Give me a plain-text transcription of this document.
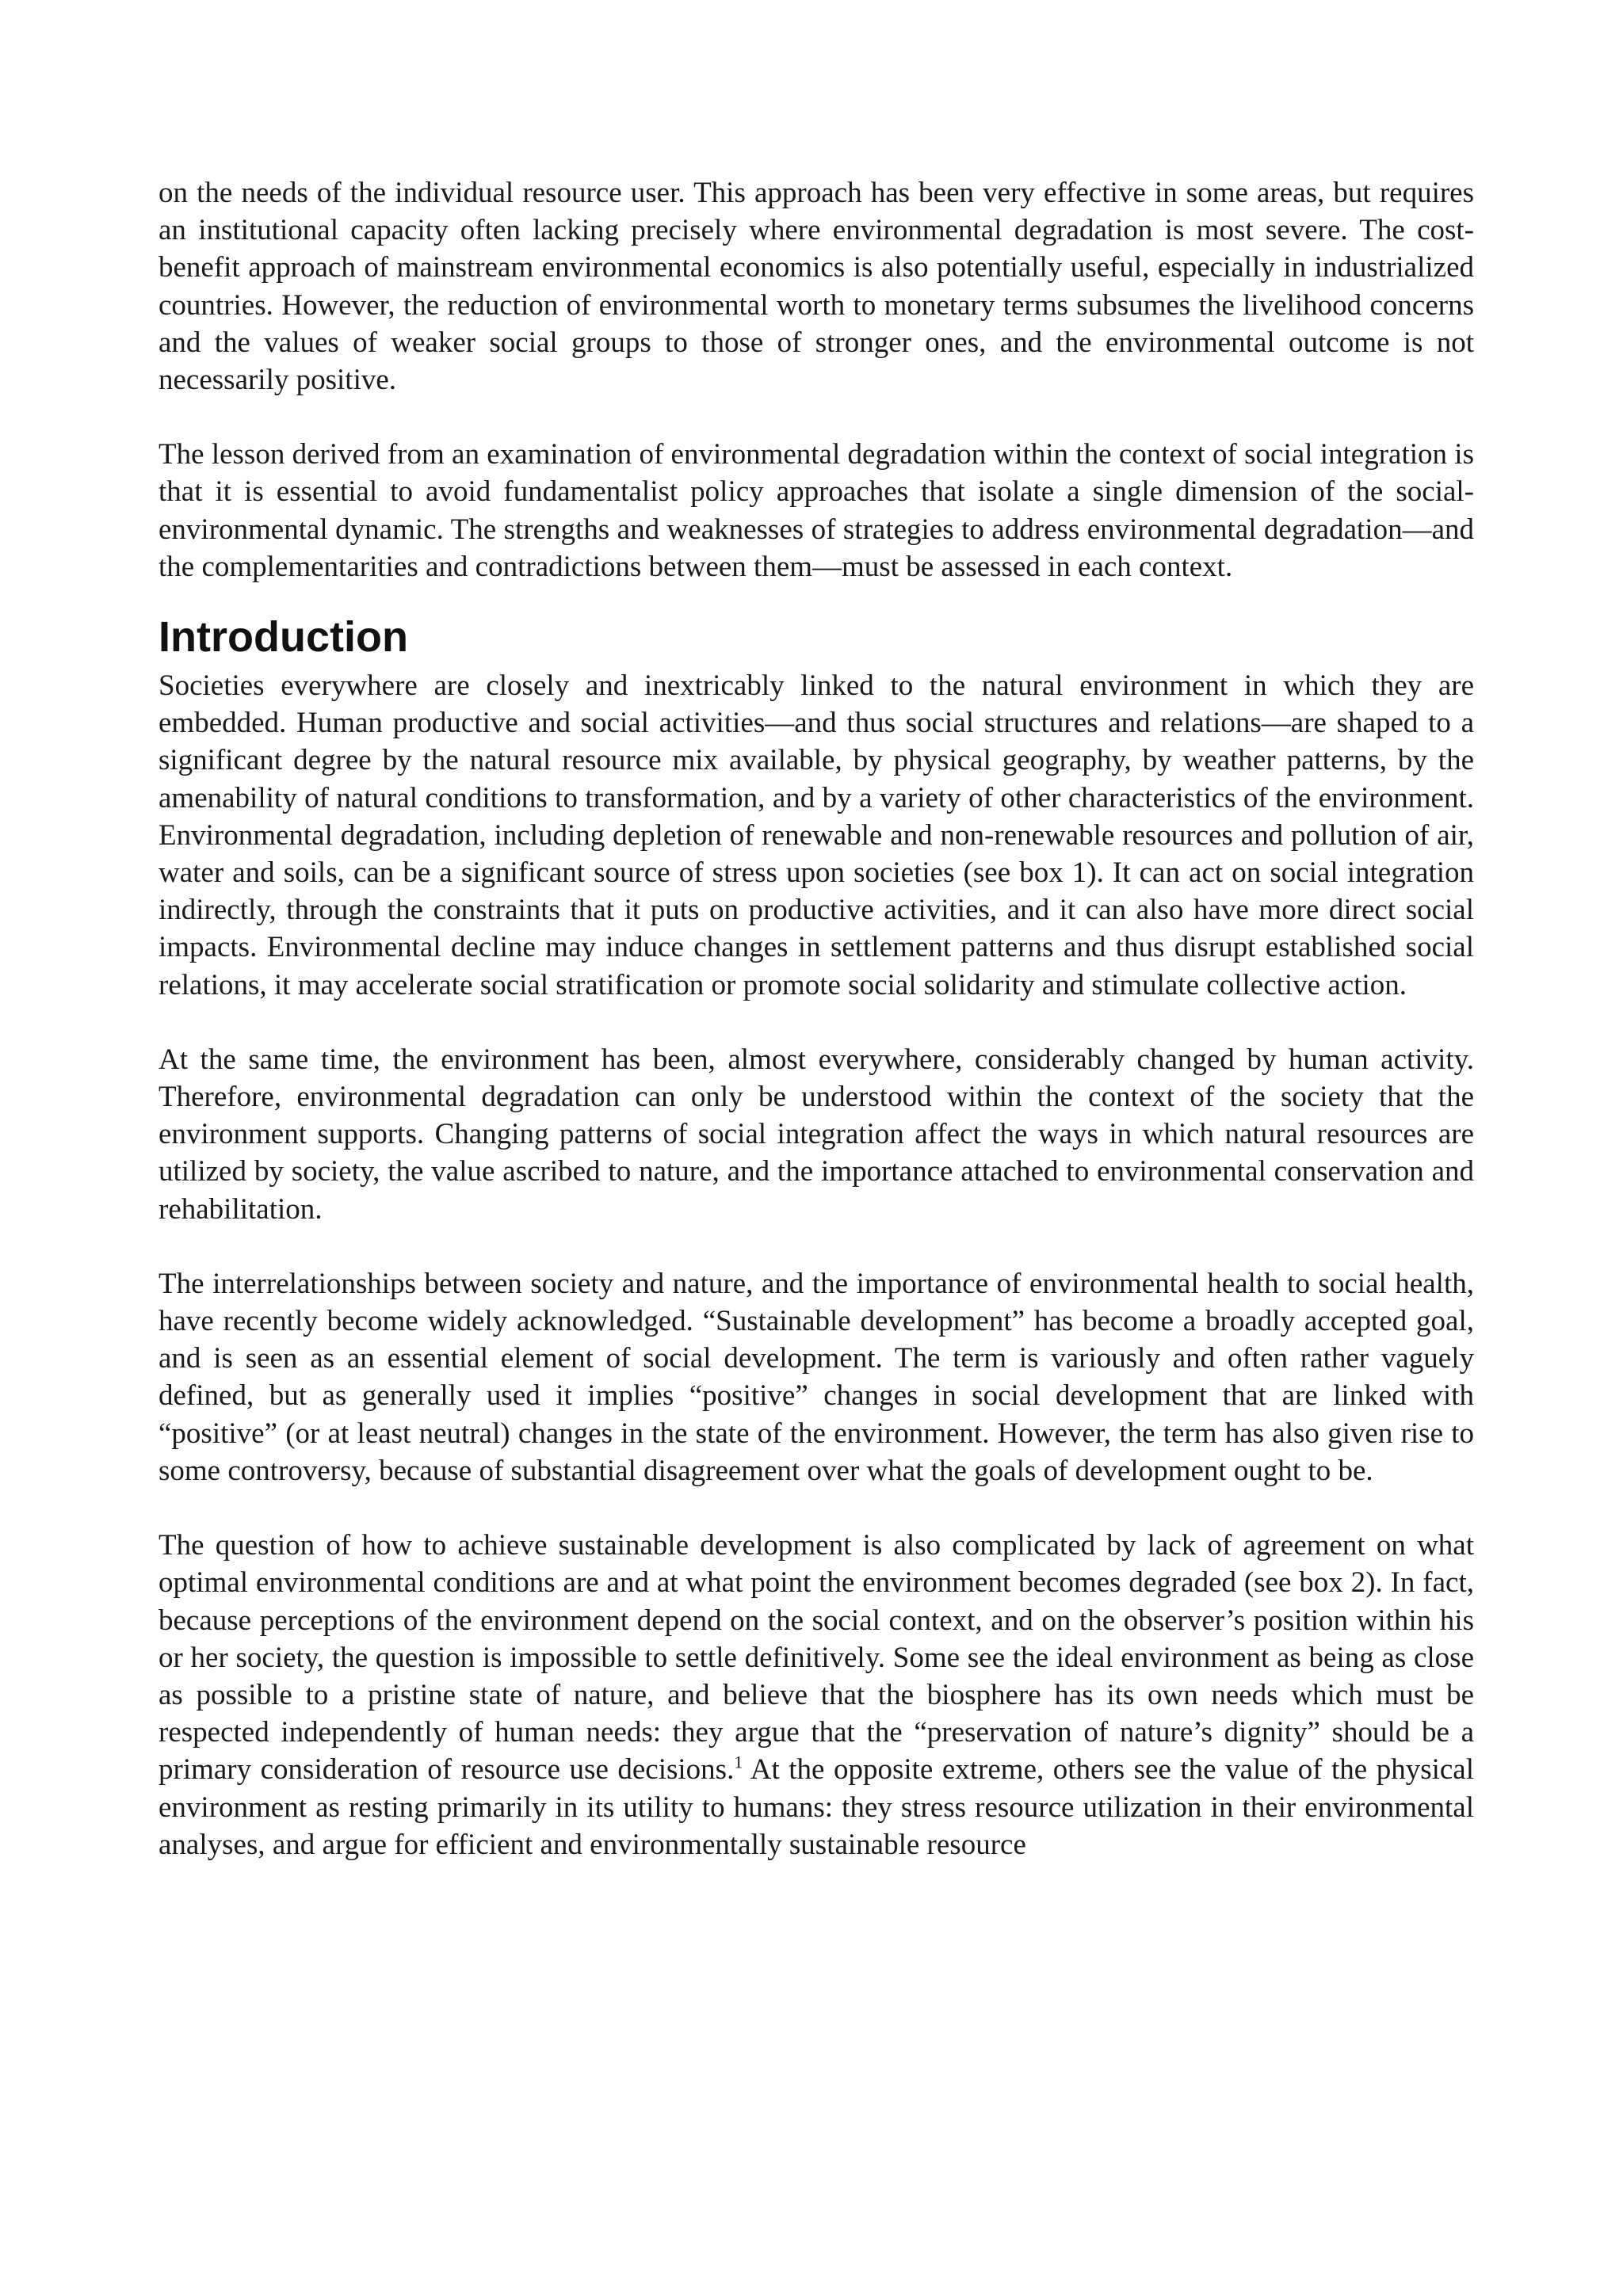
on the needs of the individual resource user. This approach has been very effective in some areas, but requires an institutional capacity often lacking precisely where environmental degradation is most severe. The cost-benefit approach of mainstream environmental economics is also potentially useful, especially in industrialized countries. However, the reduction of environmental worth to monetary terms subsumes the livelihood concerns and the values of weaker social groups to those of stronger ones, and the environmental outcome is not necessarily positive.

The lesson derived from an examination of environmental degradation within the context of social integration is that it is essential to avoid fundamentalist policy approaches that isolate a single dimension of the social-environmental dynamic. The strengths and weaknesses of strategies to address environmental degradation—and the complementarities and contradictions between them—must be assessed in each context.

Introduction

Societies everywhere are closely and inextricably linked to the natural environment in which they are embedded. Human productive and social activities—and thus social structures and relations—are shaped to a significant degree by the natural resource mix available, by physical geography, by weather patterns, by the amenability of natural conditions to transformation, and by a variety of other characteristics of the environment. Environmental degradation, including depletion of renewable and non-renewable resources and pollution of air, water and soils, can be a significant source of stress upon societies (see box 1). It can act on social integration indirectly, through the constraints that it puts on productive activities, and it can also have more direct social impacts. Environmental decline may induce changes in settlement patterns and thus disrupt established social relations, it may accelerate social stratification or promote social solidarity and stimulate collective action.

At the same time, the environment has been, almost everywhere, considerably changed by human activity. Therefore, environmental degradation can only be understood within the context of the society that the environment supports. Changing patterns of social integration affect the ways in which natural resources are utilized by society, the value ascribed to nature, and the importance attached to environmental conservation and rehabilitation.

The interrelationships between society and nature, and the importance of environmental health to social health, have recently become widely acknowledged. “Sustainable development” has become a broadly accepted goal, and is seen as an essential element of social development. The term is variously and often rather vaguely defined, but as generally used it implies “positive” changes in social development that are linked with “positive” (or at least neutral) changes in the state of the environment. However, the term has also given rise to some controversy, because of substantial disagreement over what the goals of development ought to be.

The question of how to achieve sustainable development is also complicated by lack of agreement on what optimal environmental conditions are and at what point the environment becomes degraded (see box 2). In fact, because perceptions of the environment depend on the social context, and on the observer’s position within his or her society, the question is impossible to settle definitively. Some see the ideal environment as being as close as possible to a pristine state of nature, and believe that the biosphere has its own needs which must be respected independently of human needs: they argue that the “preservation of nature’s dignity” should be a primary consideration of resource use decisions.$^1$ At the opposite extreme, others see the value of the physical environment as resting primarily in its utility to humans: they stress resource utilization in their environmental analyses, and argue for efficient and environmentally sustainable resource
